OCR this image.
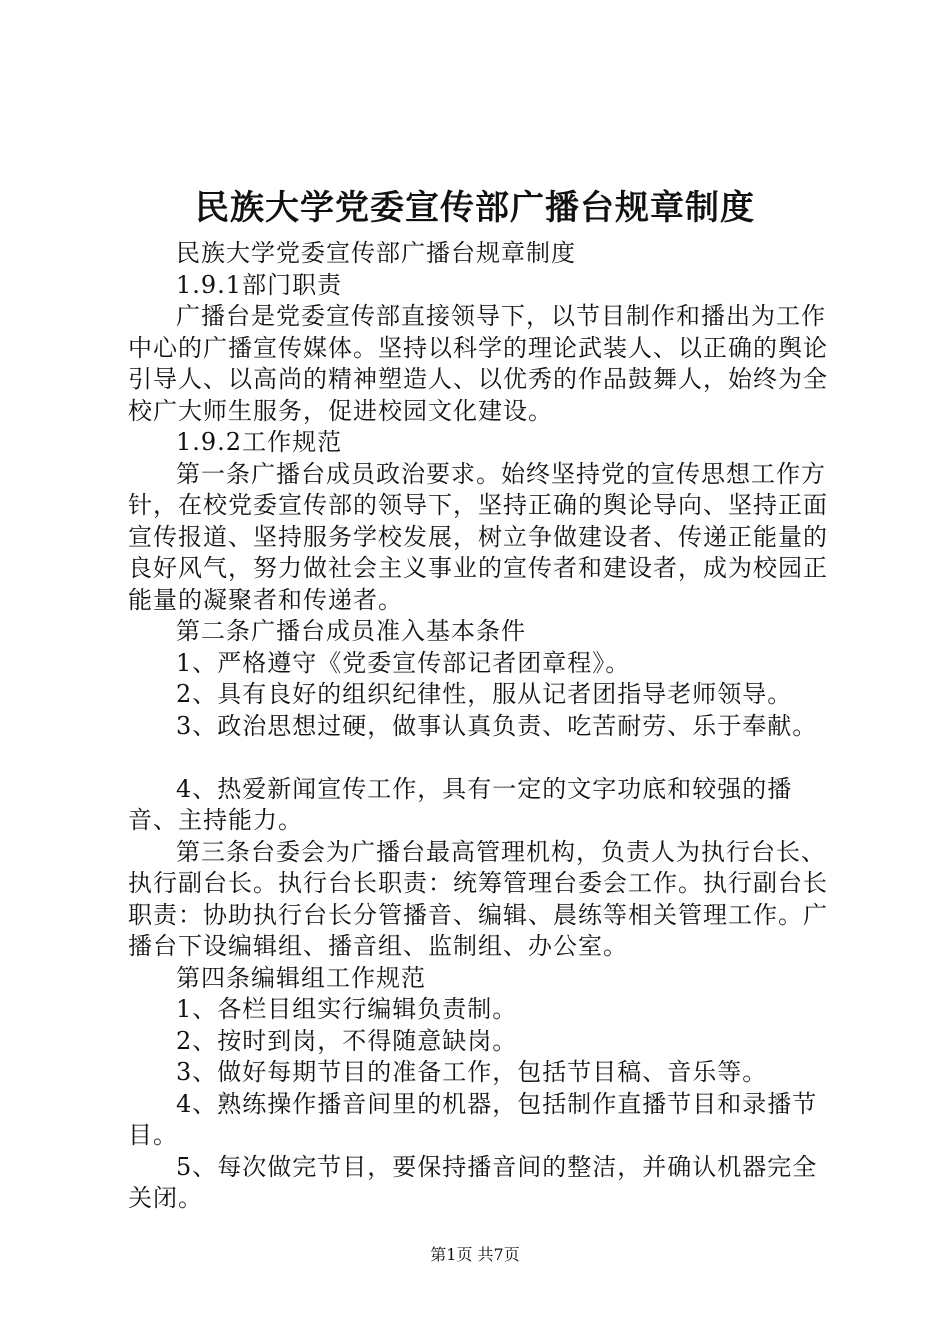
民族大学党委宣传部广播台规章制度

民族大学党委宣传部广播台规章制度

1.9.1部门职责

广播台是党委宣传部直接领导下，以节目制作和播出为工作中心的广播宣传媒体。坚持以科学的理论武装人、以正确的舆论引导人、以高尚的精神塑造人、以优秀的作品鼓舞人，始终为全校广大师生服务，促进校园文化建设。

1.9.2工作规范

第一条广播台成员政治要求。始终坚持党的宣传思想工作方针，在校党委宣传部的领导下，坚持正确的舆论导向、坚持正面宣传报道、坚持服务学校发展，树立争做建设者、传递正能量的良好风气，努力做社会主义事业的宣传者和建设者，成为校园正能量的凝聚者和传递者。

第二条广播台成员准入基本条件

1、严格遵守《党委宣传部记者团章程》。

2、具有良好的组织纪律性，服从记者团指导老师领导。

3、政治思想过硬，做事认真负责、吃苦耐劳、乐于奉献。

4、热爱新闻宣传工作，具有一定的文字功底和较强的播音、主持能力。

第三条台委会为广播台最高管理机构，负责人为执行台长、执行副台长。执行台长职责：统筹管理台委会工作。执行副台长职责：协助执行台长分管播音、编辑、晨练等相关管理工作。广播台下设编辑组、播音组、监制组、办公室。

第四条编辑组工作规范

1、各栏目组实行编辑负责制。

2、按时到岗，不得随意缺岗。

3、做好每期节目的准备工作，包括节目稿、音乐等。

4、熟练操作播音间里的机器，包括制作直播节目和录播节目。

5、每次做完节目，要保持播音间的整洁，并确认机器完全关闭。

第1页 共7页
